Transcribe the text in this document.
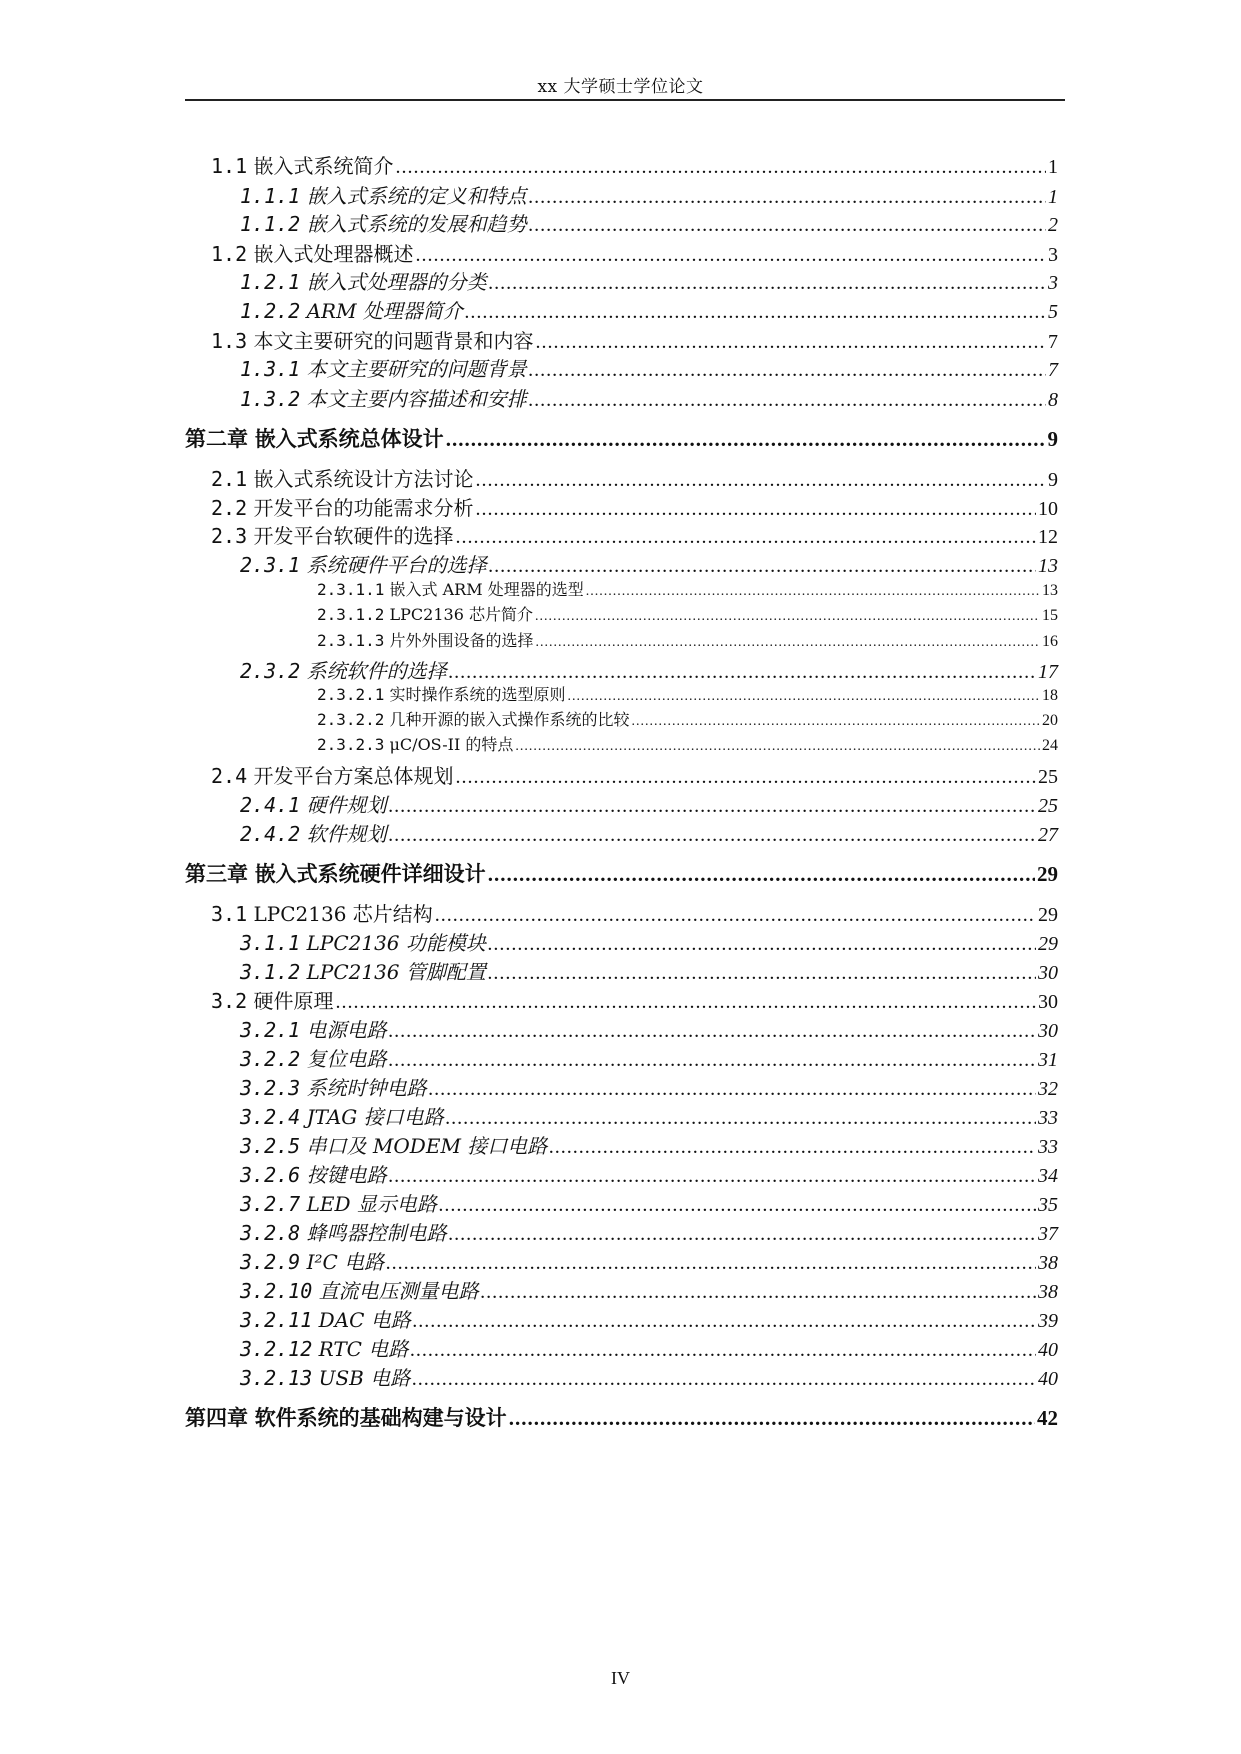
xx 大学硕士学位论文
1.1 嵌入式系统简介 .....	1
1.1.1 嵌入式系统的定义和特点 .....	1
1.1.2 嵌入式系统的发展和趋势 .....	2
1.2 嵌入式处理器概述 .....	3
1.2.1 嵌入式处理器的分类 .....	3
1.2.2 ARM 处理器简介 .....	5
1.3 本文主要研究的问题背景和内容 .....	7
1.3.1 本文主要研究的问题背景 .....	7
1.3.2 本文主要内容描述和安排 .....	8
第二章 嵌入式系统总体设计 .....	9
2.1 嵌入式系统设计方法讨论 .....	9
2.2 开发平台的功能需求分析 .....	10
2.3 开发平台软硬件的选择 .....	12
2.3.1 系统硬件平台的选择 .....	13
2.3.1.1 嵌入式 ARM 处理器的选型 .....	13
2.3.1.2 LPC2136 芯片简介 .....	15
2.3.1.3 片外外围设备的选择 .....	16
2.3.2 系统软件的选择 .....	17
2.3.2.1 实时操作系统的选型原则 .....	18
2.3.2.2 几种开源的嵌入式操作系统的比较 .....	20
2.3.2.3 μC/OS-II 的特点 .....	24
2.4 开发平台方案总体规划 .....	25
2.4.1 硬件规划 .....	25
2.4.2 软件规划 .....	27
第三章 嵌入式系统硬件详细设计 .....	29
3.1 LPC2136 芯片结构 .....	29
3.1.1 LPC2136 功能模块 .....	29
3.1.2 LPC2136 管脚配置 .....	30
3.2 硬件原理 .....	30
3.2.1 电源电路 .....	30
3.2.2 复位电路 .....	31
3.2.3 系统时钟电路 .....	32
3.2.4 JTAG 接口电路 .....	33
3.2.5 串口及 MODEM 接口电路 .....	33
3.2.6 按键电路 .....	34
3.2.7 LED 显示电路 .....	35
3.2.8 蜂鸣器控制电路 .....	37
3.2.9 I²C 电路 .....	38
3.2.10 直流电压测量电路 .....	38
3.2.11 DAC 电路 .....	39
3.2.12 RTC 电路 .....	40
3.2.13 USB 电路 .....	40
第四章 软件系统的基础构建与设计 .....	42
IV
